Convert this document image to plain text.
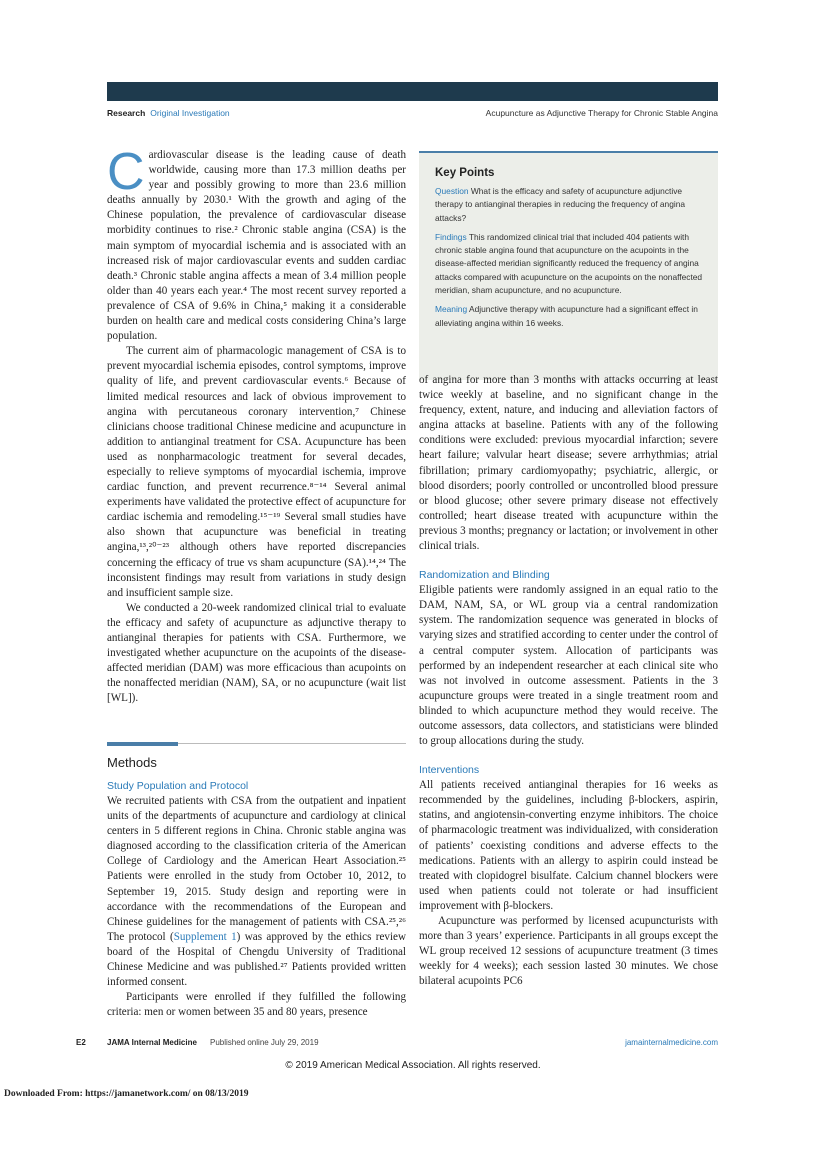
Research Original Investigation	Acupuncture as Adjunctive Therapy for Chronic Stable Angina

Cardiovascular disease is the leading cause of death worldwide, causing more than 17.3 million deaths per year and possibly growing to more than 23.6 million deaths annually by 2030.¹ With the growth and aging of the Chinese population, the prevalence of cardiovascular disease morbidity continues to rise.² Chronic stable angina (CSA) is the main symptom of myocardial ischemia and is associated with an increased risk of major cardiovascular events and sudden cardiac death.³ Chronic stable angina affects a mean of 3.4 million people older than 40 years each year.⁴ The most recent survey reported a prevalence of CSA of 9.6% in China,⁵ making it a considerable burden on health care and medical costs considering China’s large population.

The current aim of pharmacologic management of CSA is to prevent myocardial ischemia episodes, control symptoms, improve quality of life, and prevent cardiovascular events.⁶ Because of limited medical resources and lack of obvious improvement to angina with percutaneous coronary intervention,⁷ Chinese clinicians choose traditional Chinese medicine and acupuncture in addition to antianginal treatment for CSA. Acupuncture has been used as nonpharmacologic treatment for several decades, especially to relieve symptoms of myocardial ischemia, improve cardiac function, and prevent recurrence.⁸⁻¹⁴ Several animal experiments have validated the protective effect of acupuncture for cardiac ischemia and remodeling.¹⁵⁻¹⁹ Several small studies have also shown that acupuncture was beneficial in treating angina,¹³,²⁰⁻²³ although others have reported discrepancies concerning the efficacy of true vs sham acupuncture (SA).¹⁴,²⁴ The inconsistent findings may result from variations in study design and insufficient sample size.

We conducted a 20-week randomized clinical trial to evaluate the efficacy and safety of acupuncture as adjunctive therapy to antianginal therapies for patients with CSA. Furthermore, we investigated whether acupuncture on the acupoints of the disease-affected meridian (DAM) was more efficacious than acupoints on the nonaffected meridian (NAM), SA, or no acupuncture (wait list [WL]).

Key Points
Question What is the efficacy and safety of acupuncture adjunctive therapy to antianginal therapies in reducing the frequency of angina attacks?
Findings This randomized clinical trial that included 404 patients with chronic stable angina found that acupuncture on the acupoints in the disease-affected meridian significantly reduced the frequency of angina attacks compared with acupuncture on the acupoints on the nonaffected meridian, sham acupuncture, and no acupuncture.
Meaning Adjunctive therapy with acupuncture had a significant effect in alleviating angina within 16 weeks.
Methods
Study Population and Protocol

We recruited patients with CSA from the outpatient and inpatient units of the departments of acupuncture and cardiology at clinical centers in 5 different regions in China. Chronic stable angina was diagnosed according to the classification criteria of the American College of Cardiology and the American Heart Association.²⁵ Patients were enrolled in the study from October 10, 2012, to September 19, 2015. Study design and reporting were in accordance with the recommendations of the European and Chinese guidelines for the management of patients with CSA.²⁵,²⁶ The protocol (Supplement 1) was approved by the ethics review board of the Hospital of Chengdu University of Traditional Chinese Medicine and was published.²⁷ Patients provided written informed consent.

Participants were enrolled if they fulfilled the following criteria: men or women between 35 and 80 years, presence

of angina for more than 3 months with attacks occurring at least twice weekly at baseline, and no significant change in the frequency, extent, nature, and inducing and alleviation factors of angina attacks at baseline. Patients with any of the following conditions were excluded: previous myocardial infarction; severe heart failure; valvular heart disease; severe arrhythmias; atrial fibrillation; primary cardiomyopathy; psychiatric, allergic, or blood disorders; poorly controlled or uncontrolled blood pressure or blood glucose; other severe primary disease not effectively controlled; heart disease treated with acupuncture within the previous 3 months; pregnancy or lactation; or involvement in other clinical trials.

Randomization and Blinding

Eligible patients were randomly assigned in an equal ratio to the DAM, NAM, SA, or WL group via a central randomization system. The randomization sequence was generated in blocks of varying sizes and stratified according to center under the control of a central computer system. Allocation of participants was performed by an independent researcher at each clinical site who was not involved in outcome assessment. Patients in the 3 acupuncture groups were treated in a single treatment room and blinded to which acupuncture method they would receive. The outcome assessors, data collectors, and statisticians were blinded to group allocations during the study.

Interventions

All patients received antianginal therapies for 16 weeks as recommended by the guidelines, including β-blockers, aspirin, statins, and angiotensin-converting enzyme inhibitors. The choice of pharmacologic treatment was individualized, with consideration of patients’ coexisting conditions and adverse effects to the medications. Patients with an allergy to aspirin could instead be treated with clopidogrel bisulfate. Calcium channel blockers were used when patients could not tolerate or had insufficient improvement with β-blockers.

Acupuncture was performed by licensed acupuncturists with more than 3 years’ experience. Participants in all groups except the WL group received 12 sessions of acupuncture treatment (3 times weekly for 4 weeks); each session lasted 30 minutes. We chose bilateral acupoints PC6

E2	JAMA Internal Medicine Published online July 29, 2019	jamainternalmedicine.com
© 2019 American Medical Association. All rights reserved.
Downloaded From: https://jamanetwork.com/ on 08/13/2019
